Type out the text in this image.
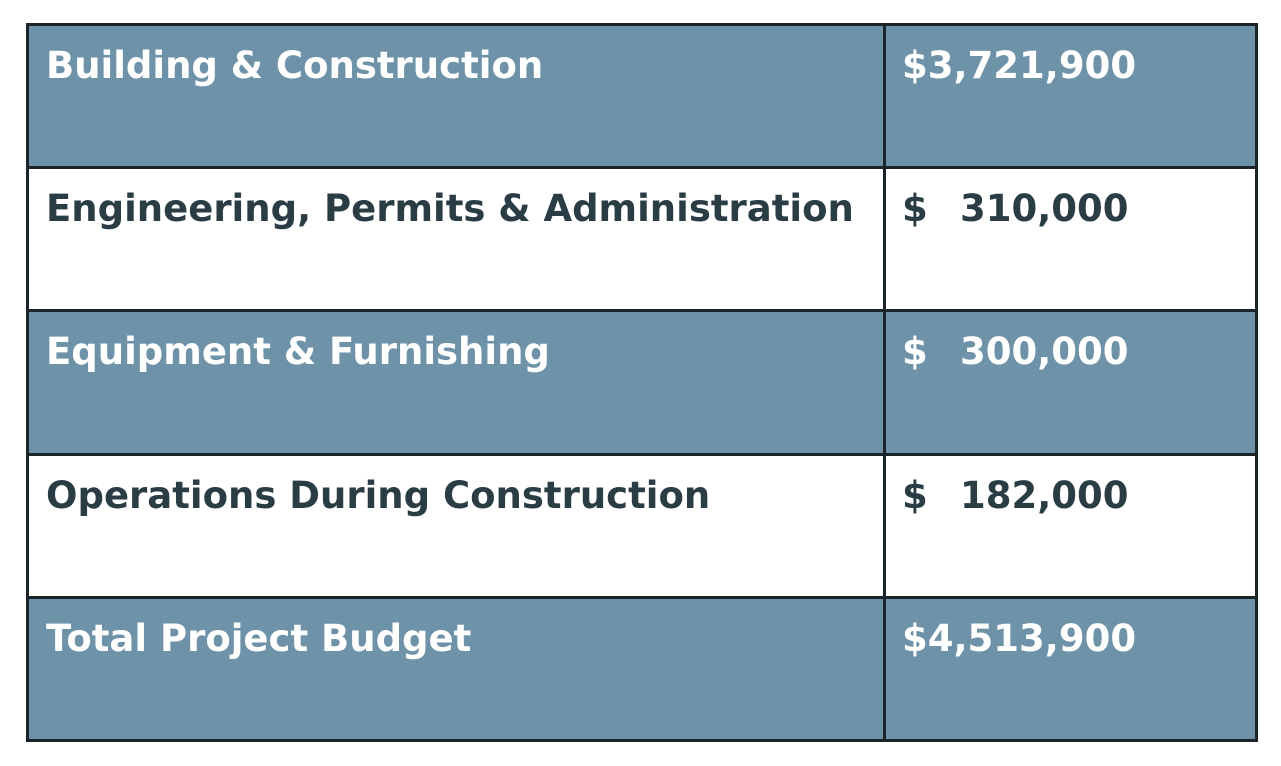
Building & Construction	$3,721,900
Engineering, Permits & Administration	$ 310,000
Equipment & Furnishing	$ 300,000
Operations During Construction	$ 182,000
Total Project Budget	$4,513,900
